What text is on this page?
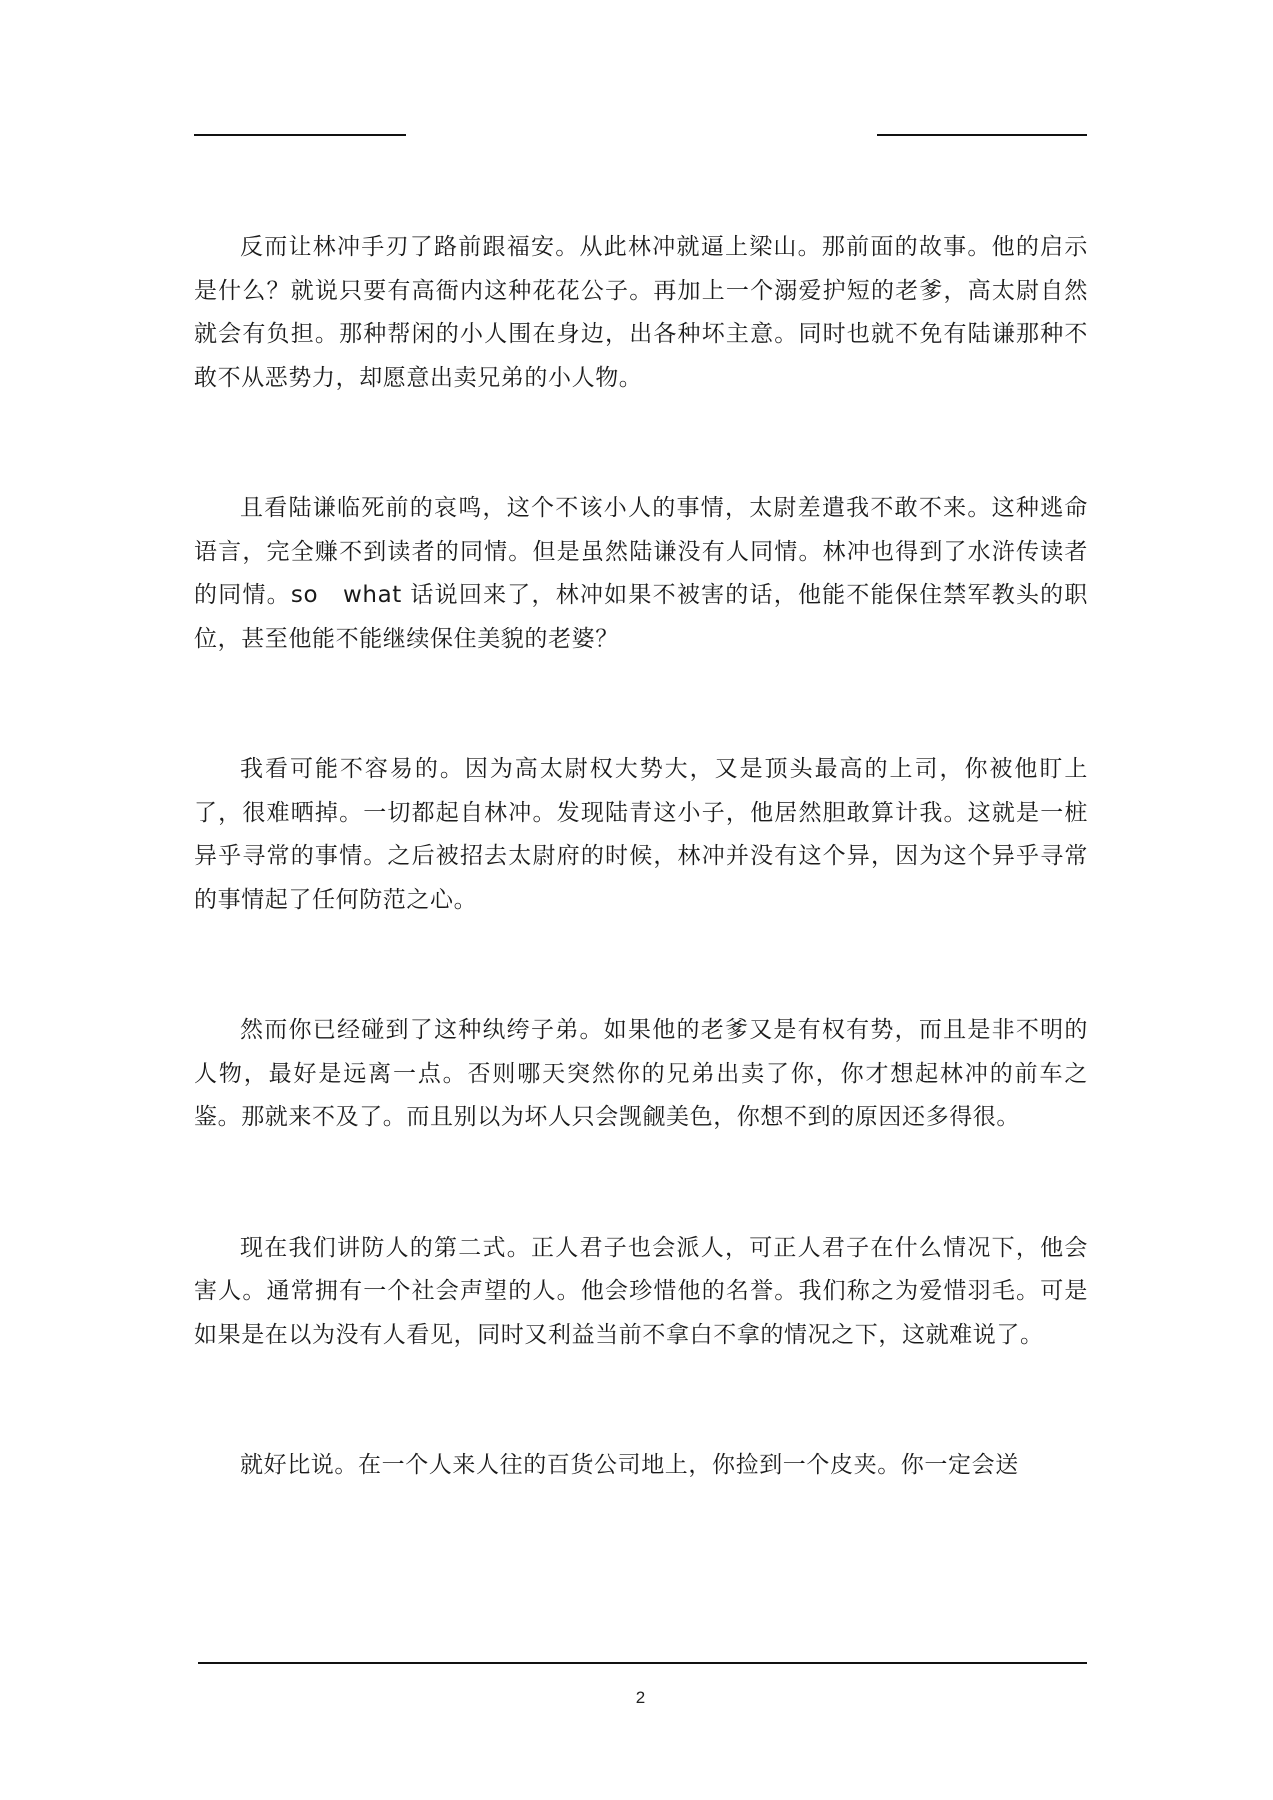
反而让林冲手刃了路前跟福安。从此林冲就逼上梁山。那前面的故事。他的启示是什么？就说只要有高衙内这种花花公子。再加上一个溺爱护短的老爹，高太尉自然就会有负担。那种帮闲的小人围在身边，出各种坏主意。同时也就不免有陆谦那种不敢不从恶势力，却愿意出卖兄弟的小人物。

且看陆谦临死前的哀鸣，这个不该小人的事情，太尉差遣我不敢不来。这种逃命语言，完全赚不到读者的同情。但是虽然陆谦没有人同情。林冲也得到了水浒传读者的同情。so　what 话说回来了，林冲如果不被害的话，他能不能保住禁军教头的职位，甚至他能不能继续保住美貌的老婆？

我看可能不容易的。因为高太尉权大势大，又是顶头最高的上司，你被他盯上了，很难晒掉。一切都起自林冲。发现陆青这小子，他居然胆敢算计我。这就是一桩异乎寻常的事情。之后被招去太尉府的时候，林冲并没有这个异，因为这个异乎寻常的事情起了任何防范之心。

然而你已经碰到了这种纨绔子弟。如果他的老爹又是有权有势，而且是非不明的人物，最好是远离一点。否则哪天突然你的兄弟出卖了你，你才想起林冲的前车之鉴。那就来不及了。而且别以为坏人只会觊觎美色，你想不到的原因还多得很。

现在我们讲防人的第二式。正人君子也会派人，可正人君子在什么情况下，他会害人。通常拥有一个社会声望的人。他会珍惜他的名誉。我们称之为爱惜羽毛。可是如果是在以为没有人看见，同时又利益当前不拿白不拿的情况之下，这就难说了。

就好比说。在一个人来人往的百货公司地上，你捡到一个皮夹。你一定会送

2
